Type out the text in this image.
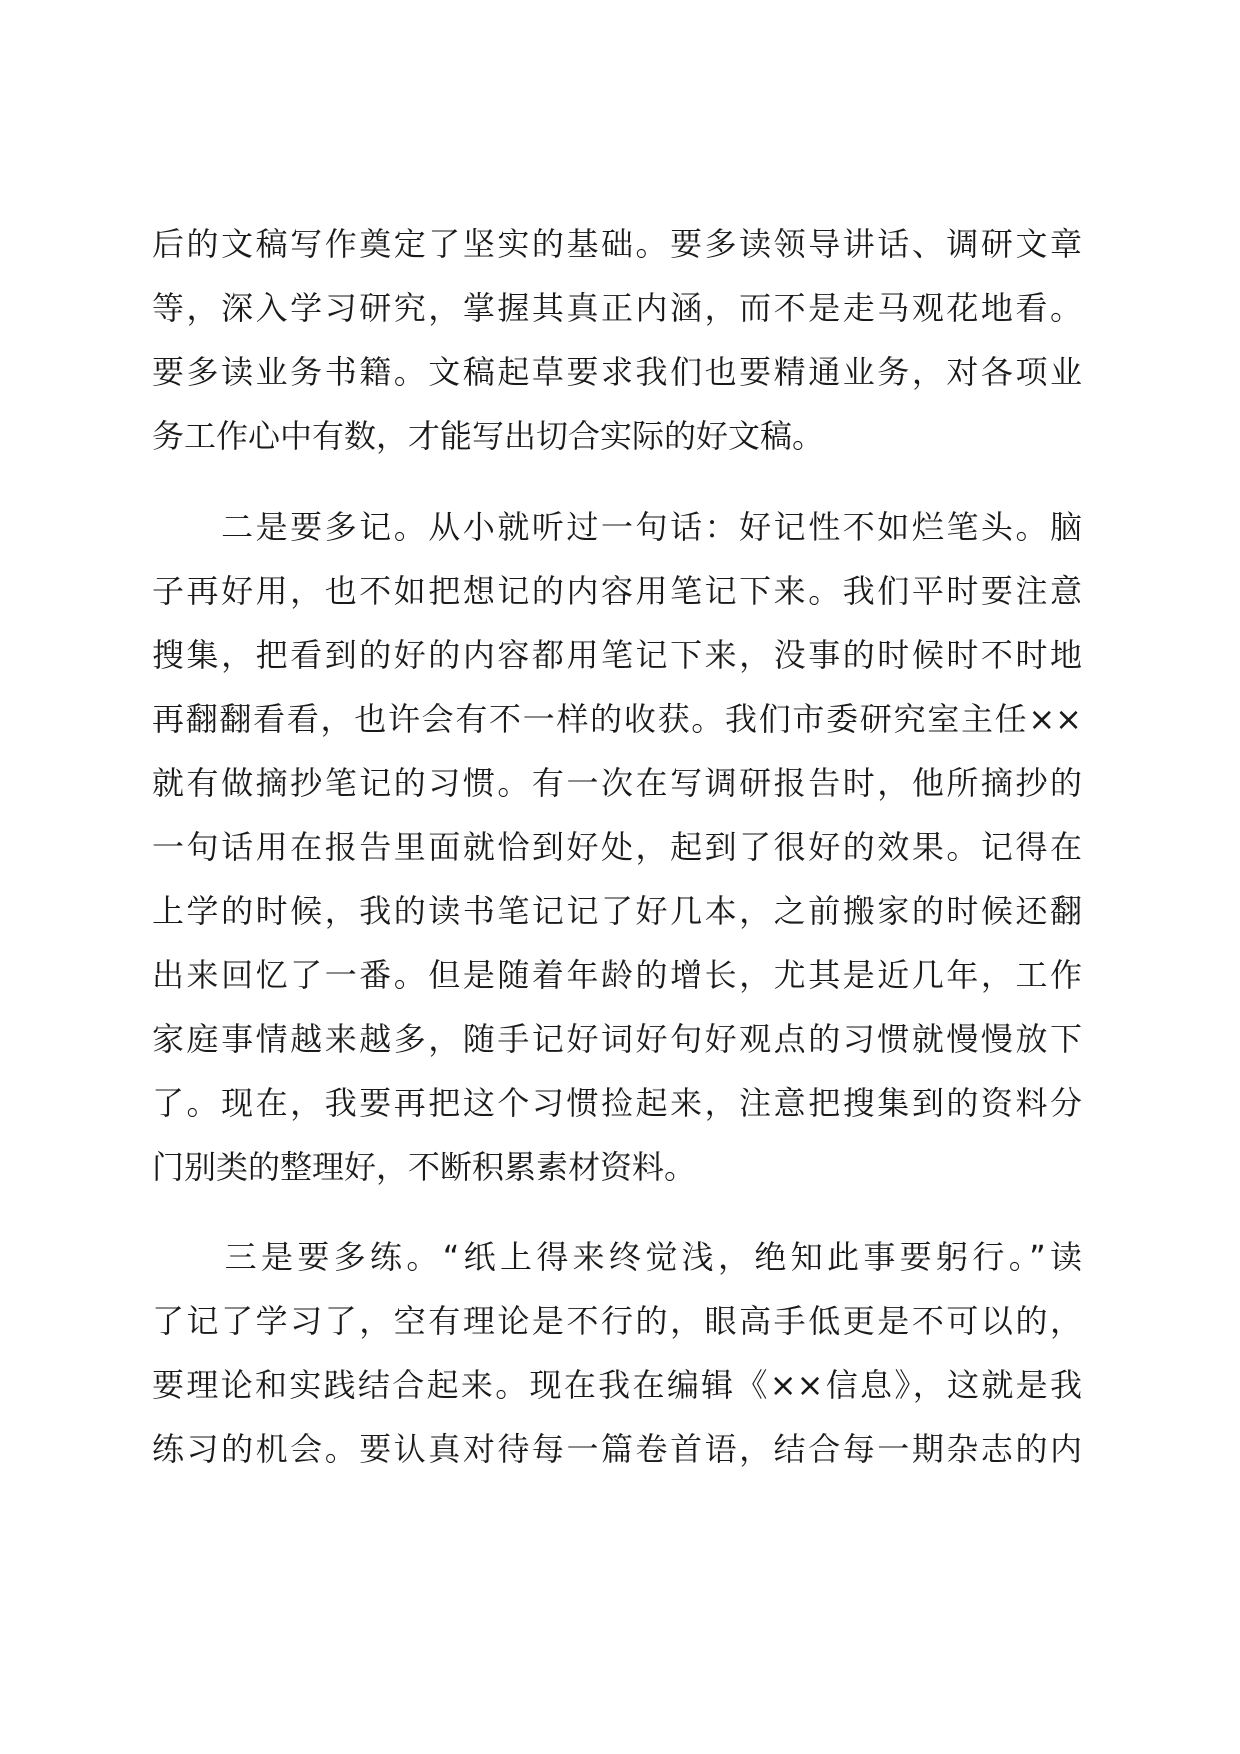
后的文稿写作奠定了坚实的基础。要多读领导讲话、调研文章
等，深入学习研究，掌握其真正内涵，而不是走马观花地看。
要多读业务书籍。文稿起草要求我们也要精通业务，对各项业
务工作心中有数，才能写出切合实际的好文稿。
　　二是要多记。从小就听过一句话：好记性不如烂笔头。脑
子再好用，也不如把想记的内容用笔记下来。我们平时要注意
搜集，把看到的好的内容都用笔记下来，没事的时候时不时地
再翻翻看看，也许会有不一样的收获。我们市委研究室主任××
就有做摘抄笔记的习惯。有一次在写调研报告时，他所摘抄的
一句话用在报告里面就恰到好处，起到了很好的效果。记得在
上学的时候，我的读书笔记记了好几本，之前搬家的时候还翻
出来回忆了一番。但是随着年龄的增长，尤其是近几年，工作
家庭事情越来越多，随手记好词好句好观点的习惯就慢慢放下
了。现在，我要再把这个习惯捡起来，注意把搜集到的资料分
门别类的整理好，不断积累素材资料。
　　三是要多练。“纸上得来终觉浅，绝知此事要躬行。”读
了记了学习了，空有理论是不行的，眼高手低更是不可以的，
要理论和实践结合起来。现在我在编辑《××信息》，这就是我
练习的机会。要认真对待每一篇卷首语，结合每一期杂志的内
